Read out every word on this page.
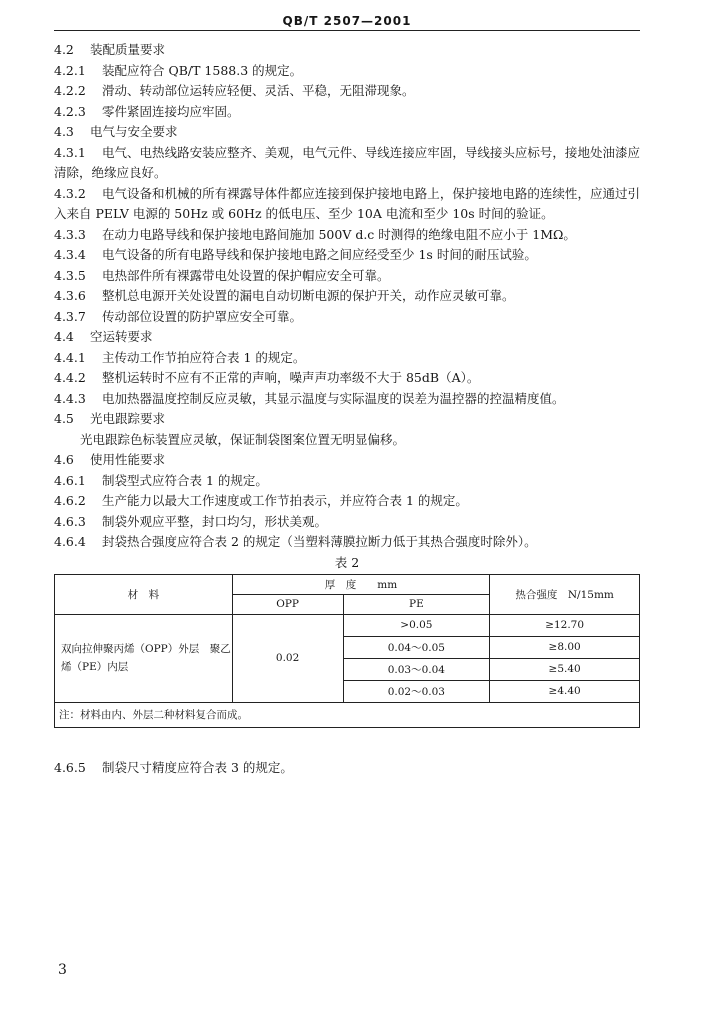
$_{QB/T 2507—2001}$

4.2 装配质量要求

4.2.1 装配应符合 QB/T 1588.3 的规定。

4.2.2 滑动、转动部位运转应轻便、灵活、平稳，无阻滞现象。

4.2.3 零件紧固连接均应牢固。

4.3 电气与安全要求

4.3.1 电气、电热线路安装应整齐、美观，电气元件、导线连接应牢固，导线接头应标号，接地处油漆应清除，绝缘应良好。

4.3.2 电气设备和机械的所有裸露导体件都应连接到保护接地电路上，保护接地电路的连续性，应通过引入来自 PELV 电源的 50Hz 或 60Hz 的低电压、至少 10A 电流和至少 10s 时间的验证。

4.3.3 在动力电路导线和保护接地电路间施加 500V d.c 时测得的绝缘电阻不应小于 1MΩ。

4.3.4 电气设备的所有电路导线和保护接地电路之间应经受至少 1s 时间的耐压试验。

4.3.5 电热部件所有裸露带电处设置的保护帽应安全可靠。

4.3.6 整机总电源开关处设置的漏电自动切断电源的保护开关，动作应灵敏可靠。

4.3.7 传动部位设置的防护罩应安全可靠。

4.4 空运转要求

4.4.1 主传动工作节拍应符合表 1 的规定。

4.4.2 整机运转时不应有不正常的声响，噪声声功率级不大于 85dB（A）。

4.4.3 电加热器温度控制反应灵敏，其显示温度与实际温度的误差为温控器的控温精度值。

4.5 光电跟踪要求

光电跟踪色标装置应灵敏，保证制袋图案位置无明显偏移。

4.6 使用性能要求

4.6.1 制袋型式应符合表 1 的规定。

4.6.2 生产能力以最大工作速度或工作节拍表示，并应符合表 1 的规定。

4.6.3 制袋外观应平整，封口均匀，形状美观。

4.6.4 封袋热合强度应符合表 2 的规定（当塑料薄膜拉断力低于其热合强度时除外）。

表 2
材　料	厚　度　　mm		热合强度　N/15mm
	OPP	PE	
双向拉伸聚丙烯（OPP）外层　聚乙烯（PE）内层	0.02	>0.05	≥12.70
		0.04～0.05	≥8.00
		0.03～0.04	≥5.40
		0.02～0.03	≥4.40
注：材料由内、外层二种材料复合而成。			

4.6.5 制袋尺寸精度应符合表 3 的规定。

3
